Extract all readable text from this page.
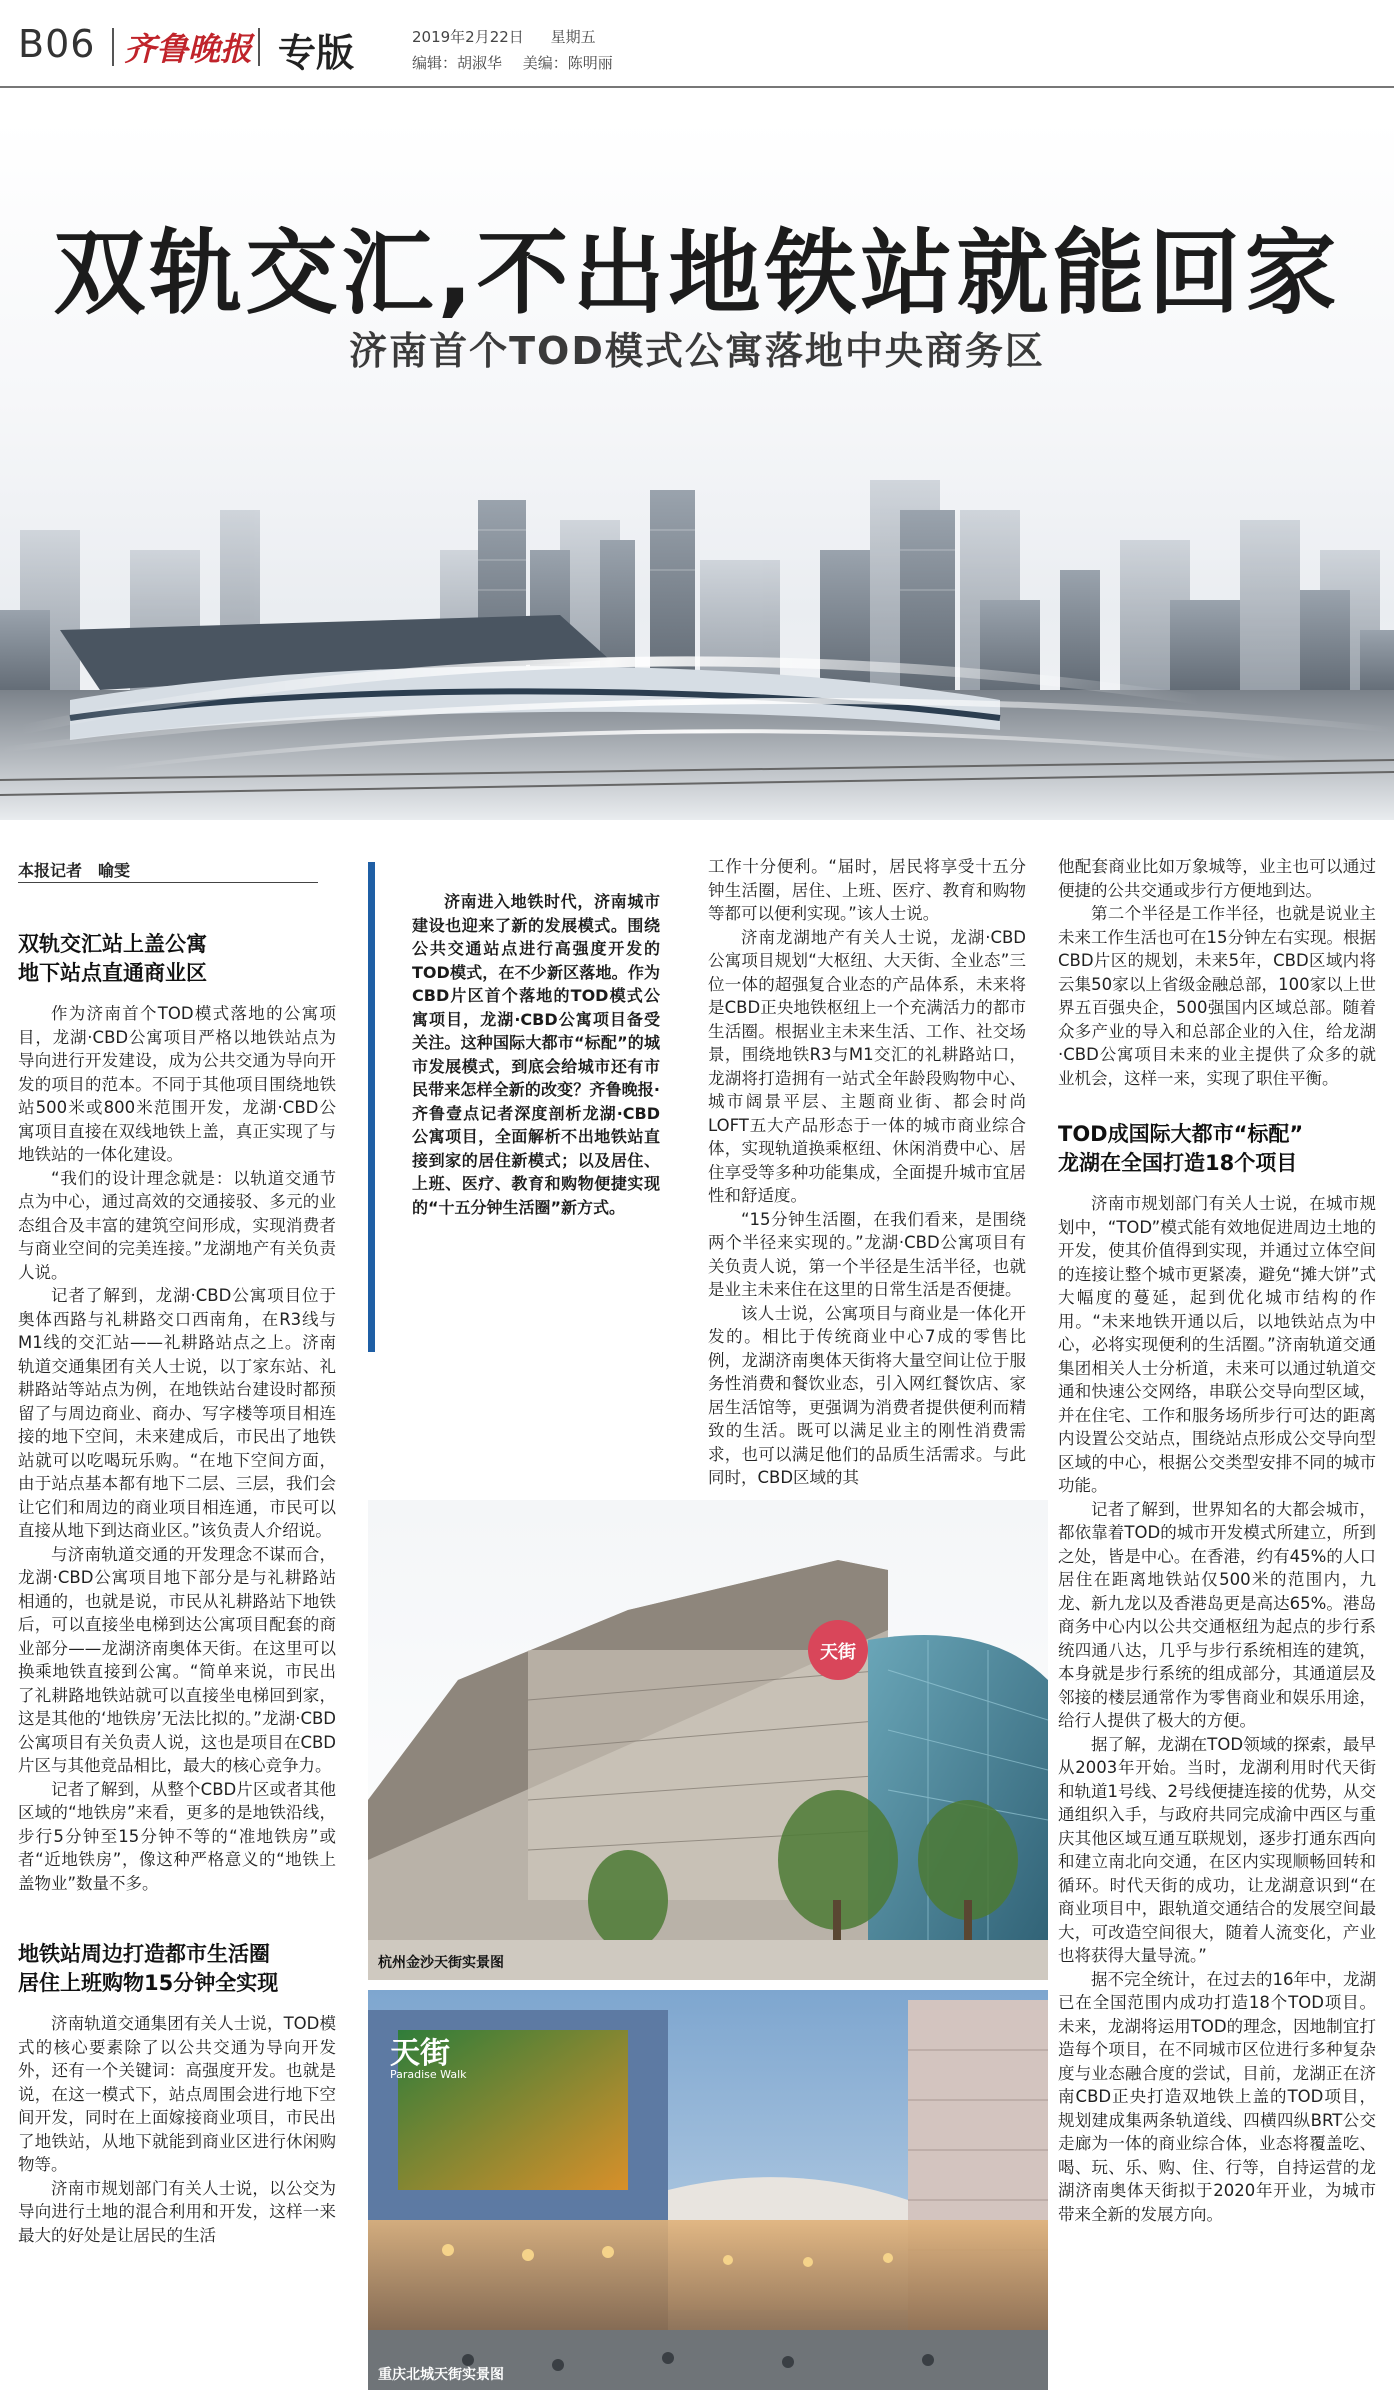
B06 齐鲁晚报 专版	2019年2月22日 星期五
编辑：胡淑华 美编：陈明丽
双轨交汇,不出地铁站就能回家
济南首个TOD模式公寓落地中央商务区
本报记者　喻雯
双轨交汇站上盖公寓
地下站点直通商业区

作为济南首个TOD模式落地的公寓项目，龙湖·CBD公寓项目严格以地铁站点为导向进行开发建设，成为公共交通为导向开发的项目的范本。不同于其他项目围绕地铁站500米或800米范围开发，龙湖·CBD公寓项目直接在双线地铁上盖，真正实现了与地铁站的一体化建设。

“我们的设计理念就是：以轨道交通节点为中心，通过高效的交通接驳、多元的业态组合及丰富的建筑空间形成，实现消费者与商业空间的完美连接。”龙湖地产有关负责人说。

记者了解到，龙湖·CBD公寓项目位于奥体西路与礼耕路交口西南角，在R3线与M1线的交汇站——礼耕路站点之上。济南轨道交通集团有关人士说，以丁家东站、礼耕路站等站点为例，在地铁站台建设时都预留了与周边商业、商办、写字楼等项目相连接的地下空间，未来建成后，市民出了地铁站就可以吃喝玩乐购。“在地下空间方面，由于站点基本都有地下二层、三层，我们会让它们和周边的商业项目相连通，市民可以直接从地下到达商业区。”该负责人介绍说。

与济南轨道交通的开发理念不谋而合，龙湖·CBD公寓项目地下部分是与礼耕路站相通的，也就是说，市民从礼耕路站下地铁后，可以直接坐电梯到达公寓项目配套的商业部分——龙湖济南奥体天街。在这里可以换乘地铁直接到公寓。“简单来说，市民出了礼耕路地铁站就可以直接坐电梯回到家，这是其他的‘地铁房’无法比拟的。”龙湖·CBD公寓项目有关负责人说，这也是项目在CBD片区与其他竞品相比，最大的核心竞争力。

记者了解到，从整个CBD片区或者其他区域的“地铁房”来看，更多的是地铁沿线，步行5分钟至15分钟不等的“准地铁房”或者“近地铁房”，像这种严格意义的“地铁上盖物业”数量不多。

地铁站周边打造都市生活圈
居住上班购物15分钟全实现

济南轨道交通集团有关人士说，TOD模式的核心要素除了以公共交通为导向开发外，还有一个关键词：高强度开发。也就是说，在这一模式下，站点周围会进行地下空间开发，同时在上面嫁接商业项目，市民出了地铁站，从地下就能到商业区进行休闲购物等。

济南市规划部门有关人士说，以公交为导向进行土地的混合利用和开发，这样一来最大的好处是让居民的生活

济南进入地铁时代，济南城市建设也迎来了新的发展模式。围绕公共交通站点进行高强度开发的TOD模式，在不少新区落地。作为CBD片区首个落地的TOD模式公寓项目，龙湖·CBD公寓项目备受关注。这种国际大都市“标配”的城市发展模式，到底会给城市还有市民带来怎样全新的改变？齐鲁晚报·齐鲁壹点记者深度剖析龙湖·CBD公寓项目，全面解析不出地铁站直接到家的居住新模式；以及居住、上班、医疗、教育和购物便捷实现的“十五分钟生活圈”新方式。

工作十分便利。“届时，居民将享受十五分钟生活圈，居住、上班、医疗、教育和购物等都可以便利实现。”该人士说。

济南龙湖地产有关人士说，龙湖·CBD公寓项目规划“大枢纽、大天街、全业态”三位一体的超强复合业态的产品体系，未来将是CBD正央地铁枢纽上一个充满活力的都市生活圈。根据业主未来生活、工作、社交场景，围绕地铁R3与M1交汇的礼耕路站口，龙湖将打造拥有一站式全年龄段购物中心、城市阔景平层、主题商业街、都会时尚LOFT五大产品形态于一体的城市商业综合体，实现轨道换乘枢纽、休闲消费中心、居住享受等多种功能集成，全面提升城市宜居性和舒适度。

“15分钟生活圈，在我们看来，是围绕两个半径来实现的。”龙湖·CBD公寓项目有关负责人说，第一个半径是生活半径，也就是业主未来住在这里的日常生活是否便捷。

该人士说，公寓项目与商业是一体化开发的。相比于传统商业中心7成的零售比例，龙湖济南奥体天街将大量空间让位于服务性消费和餐饮业态，引入网红餐饮店、家居生活馆等，更强调为消费者提供便利而精致的生活。既可以满足业主的刚性消费需求，也可以满足他们的品质生活需求。与此同时，CBD区域的其

他配套商业比如万象城等，业主也可以通过便捷的公共交通或步行方便地到达。

第二个半径是工作半径，也就是说业主未来工作生活也可在15分钟左右实现。根据CBD片区的规划，未来5年，CBD区域内将云集50家以上省级金融总部，100家以上世界五百强央企，500强国内区域总部。随着众多产业的导入和总部企业的入住，给龙湖·CBD公寓项目未来的业主提供了众多的就业机会，这样一来，实现了职住平衡。

TOD成国际大都市“标配”
龙湖在全国打造18个项目

济南市规划部门有关人士说，在城市规划中，“TOD”模式能有效地促进周边土地的开发，使其价值得到实现，并通过立体空间的连接让整个城市更紧凑，避免“摊大饼”式大幅度的蔓延，起到优化城市结构的作用。“未来地铁开通以后，以地铁站点为中心，必将实现便利的生活圈。”济南轨道交通集团相关人士分析道，未来可以通过轨道交通和快速公交网络，串联公交导向型区域，并在住宅、工作和服务场所步行可达的距离内设置公交站点，围绕站点形成公交导向型区域的中心，根据公交类型安排不同的城市功能。

记者了解到，世界知名的大都会城市，都依靠着TOD的城市开发模式所建立，所到之处，皆是中心。在香港，约有45%的人口居住在距离地铁站仅500米的范围内，九龙、新九龙以及香港岛更是高达65%。港岛商务中心内以公共交通枢纽为起点的步行系统四通八达，几乎与步行系统相连的建筑，本身就是步行系统的组成部分，其通道层及邻接的楼层通常作为零售商业和娱乐用途，给行人提供了极大的方便。

据了解，龙湖在TOD领域的探索，最早从2003年开始。当时，龙湖利用时代天街和轨道1号线、2号线便捷连接的优势，从交通组织入手，与政府共同完成渝中西区与重庆其他区域互通互联规划，逐步打通东西向和建立南北向交通，在区内实现顺畅回转和循环。时代天街的成功，让龙湖意识到“在商业项目中，跟轨道交通结合的发展空间最大，可改造空间很大，随着人流变化，产业也将获得大量导流。”

据不完全统计，在过去的16年中，龙湖已在全国范围内成功打造18个TOD项目。未来，龙湖将运用TOD的理念，因地制宜打造每个项目，在不同城市区位进行多种复杂度与业态融合度的尝试，目前，龙湖正在济南CBD正央打造双地铁上盖的TOD项目，规划建成集两条轨道线、四横四纵BRT公交走廊为一体的商业综合体，业态将覆盖吃、喝、玩、乐、购、住、行等，自持运营的龙湖济南奥体天街拟于2020年开业，为城市带来全新的发展方向。

天街
杭州金沙天街实景图
天街
Paradise Walk
重庆北城天街实景图
